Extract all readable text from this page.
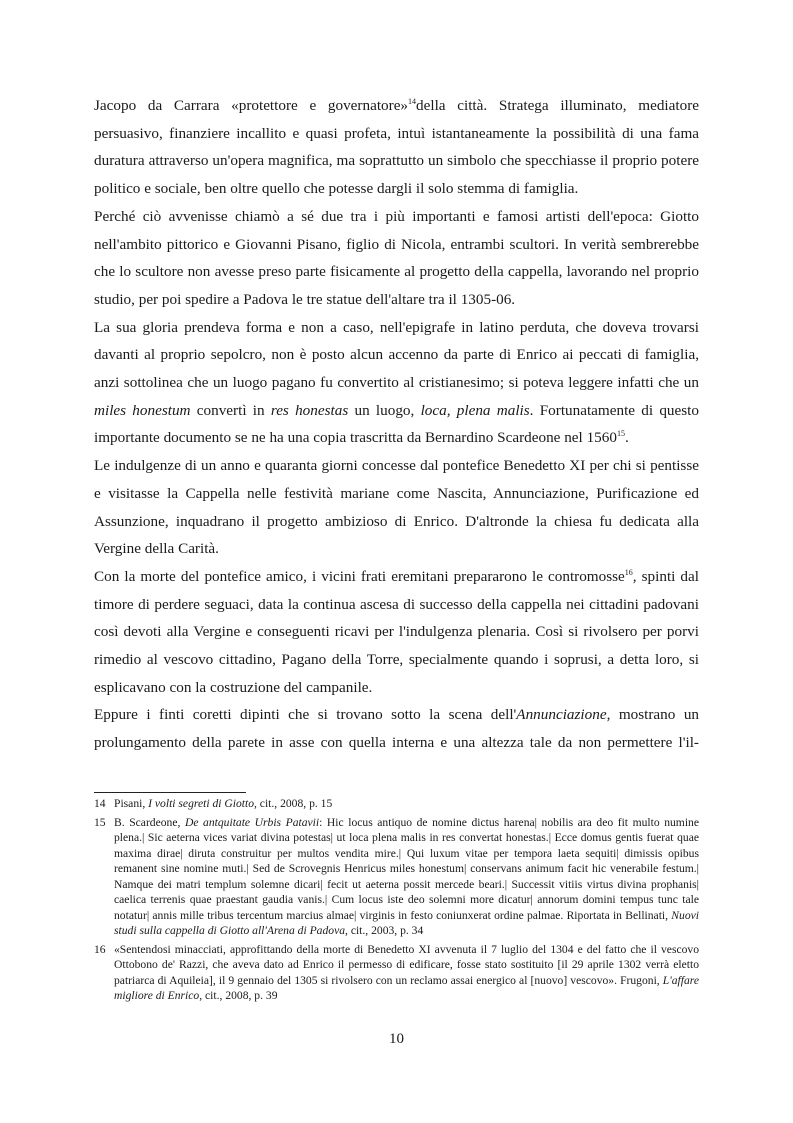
Jacopo da Carrara «protettore e governatore»$^{14}$della città. Stratega illuminato, mediatore persuasivo, finanziere incallito e quasi profeta, intuì istantaneamente la possibilità di una fama duratura attraverso un'opera magnifica, ma soprattutto un simbolo che specchiasse il proprio potere politico e sociale, ben oltre quello che potesse dargli il solo stemma di famiglia.

Perché ciò avvenisse chiamò a sé due tra i più importanti e famosi artisti dell'epoca: Giotto nell'ambito pittorico e Giovanni Pisano, figlio di Nicola, entrambi scultori. In verità sembrerebbe che lo scultore non avesse preso parte fisicamente al progetto della cappella, lavorando nel proprio studio, per poi spedire a Padova le tre statue dell'altare tra il 1305-06.

La sua gloria prendeva forma e non a caso, nell'epigrafe in latino perduta, che doveva trovarsi davanti al proprio sepolcro, non è posto alcun accenno da parte di Enrico ai peccati di famiglia, anzi sottolinea che un luogo pagano fu convertito al cristianesimo; si poteva leggere infatti che un miles honestum convertì in res honestas un luogo, loca, plena malis. Fortunatamente di questo importante documento se ne ha una copia trascritta da Bernardino Scardeone nel 1560$^{15}$.

Le indulgenze di un anno e quaranta giorni concesse dal pontefice Benedetto XI per chi si pentisse e visitasse la Cappella nelle festività mariane come Nascita, Annunciazione, Purificazione ed Assunzione, inquadrano il progetto ambizioso di Enrico. D'altronde la chiesa fu dedicata alla Vergine della Carità.

Con la morte del pontefice amico, i vicini frati eremitani prepararono le contromosse$^{16}$, spinti dal timore di perdere seguaci, data la continua ascesa di successo della cappella nei cittadini padovani così devoti alla Vergine e conseguenti ricavi per l'indulgenza plenaria. Così si rivolsero per porvi rimedio al vescovo cittadino, Pagano della Torre, specialmente quando i soprusi, a detta loro, si esplicavano con la costruzione del campanile.

Eppure i finti coretti dipinti che si trovano sotto la scena dell'Annunciazione, mostrano un prolungamento della parete in asse con quella interna e una altezza tale da non permettere l'il-

14 Pisani, I volti segreti di Giotto, cit., 2008, p. 15
15 B. Scardeone, De antquitate Urbis Patavii: Hic locus antiquo de nomine dictus harena| nobilis ara deo fit multo numine plena.| Sic aeterna vices variat divina potestas| ut loca plena malis in res convertat honestas.| Ecce domus gentis fuerat quae maxima dirae| diruta construitur per multos vendita mire.| Qui luxum vitae per tempora laeta sequiti| dimissis opibus remanent sine nomine muti.| Sed de Scrovegnis Henricus miles honestum| conservans animum facit hic venerabile festum.| Namque dei matri templum solemne dicari| fecit ut aeterna possit mercede beari.| Successit vitiis virtus divina prophanis| caelica terrenis quae praestant gaudia vanis.| Cum locus iste deo solemni more dicatur| annorum domini tempus tunc tale notatur| annis mille tribus tercentum marcius almae| virginis in festo coniunxerat ordine palmae. Riportata in Bellinati, Nuovi studi sulla cappella di Giotto all'Arena di Padova, cit., 2003, p. 34
16 «Sentendosi minacciati, approfittando della morte di Benedetto XI avvenuta il 7 luglio del 1304 e del fatto che il vescovo Ottobono de' Razzi, che aveva dato ad Enrico il permesso di edificare, fosse stato sostituito [il 29 aprile 1302 verrà eletto patriarca di Aquileia], il 9 gennaio del 1305 si rivolsero con un reclamo assai energico al [nuovo] vescovo». Frugoni, L'affare migliore di Enrico, cit., 2008, p. 39
10
